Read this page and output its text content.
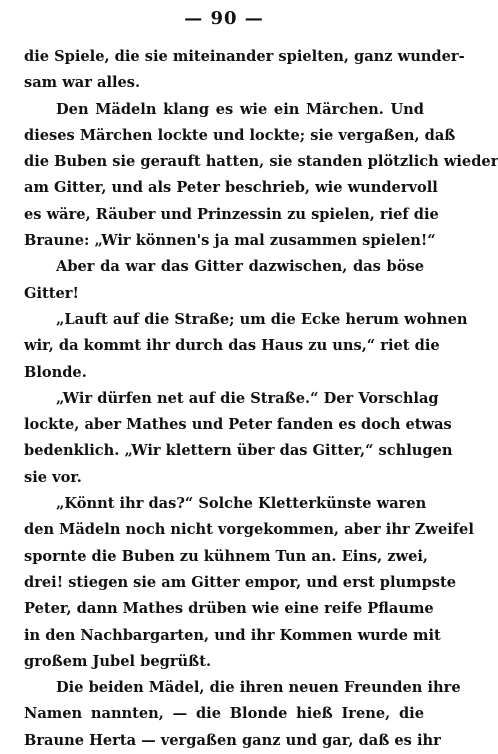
— 90 —
die Spiele, die sie miteinander spielten, ganz wunder-
sam war alles.
Den Mädeln klang es wie ein Märchen. Und
dieses Märchen lockte und lockte; sie vergaßen, daß
die Buben sie gerauft hatten, sie standen plötzlich wieder
am Gitter, und als Peter beschrieb, wie wundervoll
es wäre, Räuber und Prinzessin zu spielen, rief die
Braune: „Wir können's ja mal zusammen spielen!“
Aber da war das Gitter dazwischen, das böse
Gitter!
„Lauft auf die Straße; um die Ecke herum wohnen
wir, da kommt ihr durch das Haus zu uns,“ riet die
Blonde.
„Wir dürfen net auf die Straße.“ Der Vorschlag
lockte, aber Mathes und Peter fanden es doch etwas
bedenklich. „Wir klettern über das Gitter,“ schlugen
sie vor.
„Könnt ihr das?“ Solche Kletterkünste waren
den Mädeln noch nicht vorgekommen, aber ihr Zweifel
spornte die Buben zu kühnem Tun an. Eins, zwei,
drei! stiegen sie am Gitter empor, und erst plumpste
Peter, dann Mathes drüben wie eine reife Pflaume
in den Nachbargarten, und ihr Kommen wurde mit
großem Jubel begrüßt.
Die beiden Mädel, die ihren neuen Freunden ihre
Namen nannten, — die Blonde hieß Irene, die
Braune Herta — vergaßen ganz und gar, daß es ihr
